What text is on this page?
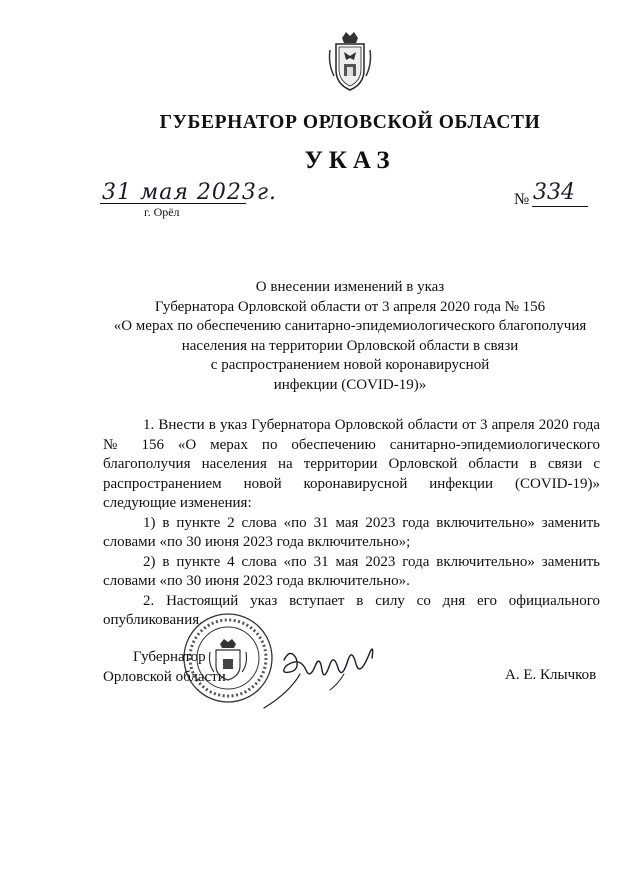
ГУБЕРНАТОР ОРЛОВСКОЙ ОБЛАСТИ
УКАЗ
31 мая 2023г.
г. Орёл
№ 334
О внесении изменений в указ
Губернатора Орловской области от 3 апреля 2020 года № 156
«О мерах по обеспечению санитарно-эпидемиологического благополучия
населения на территории Орловской области в связи
с распространением новой коронавирусной
инфекции (COVID-19)»

1. Внести в указ Губернатора Орловской области от 3 апреля 2020 года № 156 «О мерах по обеспечению санитарно-эпидемиологического благополучия населения на территории Орловской области в связи с распространением новой коронавирусной инфекции (COVID-19)» следующие изменения:

1) в пункте 2 слова «по 31 мая 2023 года включительно» заменить словами «по 30 июня 2023 года включительно»;

2) в пункте 4 слова «по 31 мая 2023 года включительно» заменить словами «по 30 июня 2023 года включительно».

2. Настоящий указ вступает в силу со дня его официального опубликования.

Губернатор
Орловской области	А. Е. Клычков
